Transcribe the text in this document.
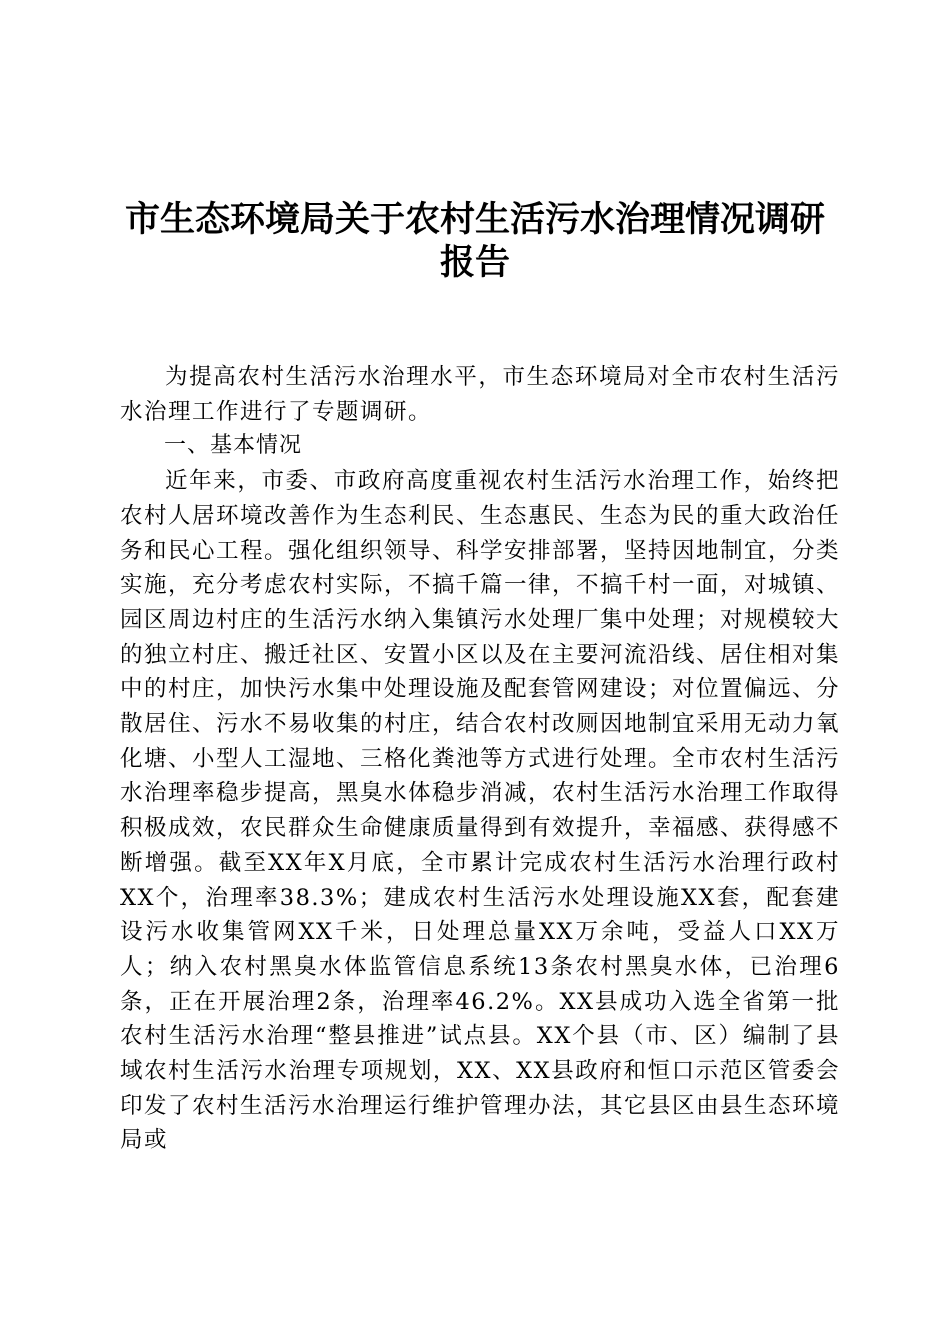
市生态环境局关于农村生活污水治理情况调研
报告

为提高农村生活污水治理水平，市生态环境局对全市农村生活污水治理工作进行了专题调研。

一、基本情况

近年来，市委、市政府高度重视农村生活污水治理工作，始终把农村人居环境改善作为生态利民、生态惠民、生态为民的重大政治任务和民心工程。强化组织领导、科学安排部署，坚持因地制宜，分类实施，充分考虑农村实际，不搞千篇一律，不搞千村一面，对城镇、园区周边村庄的生活污水纳入集镇污水处理厂集中处理；对规模较大的独立村庄、搬迁社区、安置小区以及在主要河流沿线、居住相对集中的村庄，加快污水集中处理设施及配套管网建设；对位置偏远、分散居住、污水不易收集的村庄，结合农村改厕因地制宜采用无动力氧化塘、小型人工湿地、三格化粪池等方式进行处理。全市农村生活污水治理率稳步提高，黑臭水体稳步消减，农村生活污水治理工作取得积极成效，农民群众生命健康质量得到有效提升，幸福感、获得感不断增强。截至XX年X月底，全市累计完成农村生活污水治理行政村XX个，治理率38.3%；建成农村生活污水处理设施XX套，配套建设污水收集管网XX千米，日处理总量XX万余吨，受益人口XX万人；纳入农村黑臭水体监管信息系统13条农村黑臭水体，已治理6条，正在开展治理2条，治理率46.2%。XX县成功入选全省第一批农村生活污水治理“整县推进”试点县。XX个县（市、区）编制了县域农村生活污水治理专项规划，XX、XX县政府和恒口示范区管委会印发了农村生活污水治理运行维护管理办法，其它县区由县生态环境局或
